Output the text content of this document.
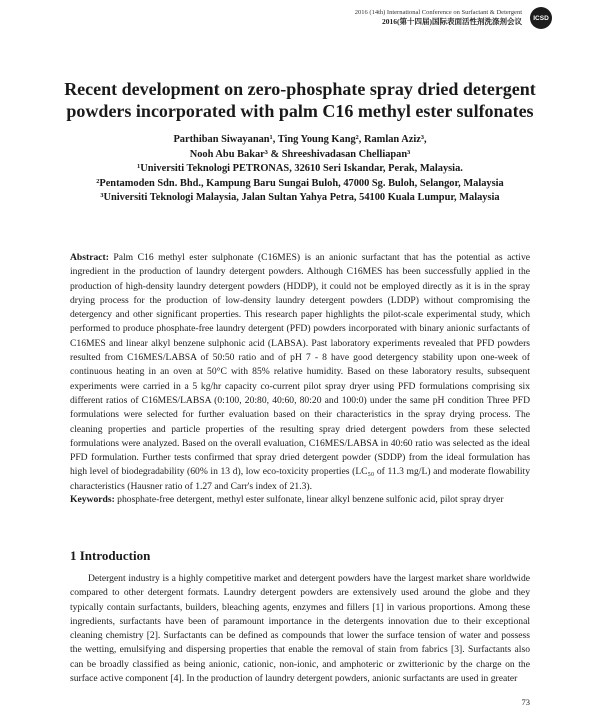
2016 (14th) International Conference on Surfactant & Detergent
2016(第十四届)国际表面活性剂洗涤剂会议	ICSD
Recent development on zero-phosphate spray dried detergent
powders incorporated with palm C16 methyl ester sulfonates
Parthiban Siwayanan¹, Ting Young Kang², Ramlan Aziz³,
Nooh Abu Bakar³ & Shreeshivadasan Chelliapan³
¹Universiti Teknologi PETRONAS, 32610 Seri Iskandar, Perak, Malaysia.
²Pentamoden Sdn. Bhd., Kampung Baru Sungai Buloh, 47000 Sg. Buloh, Selangor, Malaysia
³Universiti Teknologi Malaysia, Jalan Sultan Yahya Petra, 54100 Kuala Lumpur, Malaysia
Abstract: Palm C16 methyl ester sulphonate (C16MES) is an anionic surfactant that has the potential as active ingredient in the production of laundry detergent powders. Although C16MES has been successfully applied in the production of high-density laundry detergent powders (HDDP), it could not be employed directly as it is in the spray drying process for the production of low-density laundry detergent powders (LDDP) without compromising the detergency and other significant properties. This research paper highlights the pilot-scale experimental study, which performed to produce phosphate-free laundry detergent (PFD) powders incorporated with binary anionic surfactants of C16MES and linear alkyl benzene sulphonic acid (LABSA). Past laboratory experiments revealed that PFD powders resulted from C16MES/LABSA of 50:50 ratio and of pH 7 - 8 have good detergency stability upon one-week of continuous heating in an oven at 50°C with 85% relative humidity. Based on these laboratory results, subsequent experiments were carried in a 5 kg/hr capacity co-current pilot spray dryer using PFD formulations comprising six different ratios of C16MES/LABSA (0:100, 20:80, 40:60, 80:20 and 100:0) under the same pH condition Three PFD formulations were selected for further evaluation based on their characteristics in the spray drying process. The cleaning properties and particle properties of the resulting spray dried detergent powders from these selected formulations were analyzed. Based on the overall evaluation, C16MES/LABSA in 40:60 ratio was selected as the ideal PFD formulation. Further tests confirmed that spray dried detergent powder (SDDP) from the ideal formulation has high level of biodegradability (60% in 13 d), low eco-toxicity properties (LC₅₀ of 11.3 mg/L) and moderate flowability characteristics (Hausner ratio of 1.27 and Carr's index of 21.3).
Keywords: phosphate-free detergent, methyl ester sulfonate, linear alkyl benzene sulfonic acid, pilot spray dryer
1 Introduction
Detergent industry is a highly competitive market and detergent powders have the largest market share worldwide compared to other detergent formats. Laundry detergent powders are extensively used around the globe and they typically contain surfactants, builders, bleaching agents, enzymes and fillers [1] in various proportions. Among these ingredients, surfactants have been of paramount importance in the detergents innovation due to their exceptional cleaning chemistry [2]. Surfactants can be defined as compounds that lower the surface tension of water and possess the wetting, emulsifying and dispersing properties that enable the removal of stain from fabrics [3]. Surfactants also can be broadly classified as being anionic, cationic, non-ionic, and amphoteric or zwitterionic by the charge on the surface active component [4]. In the production of laundry detergent powders, anionic surfactants are used in greater
73
